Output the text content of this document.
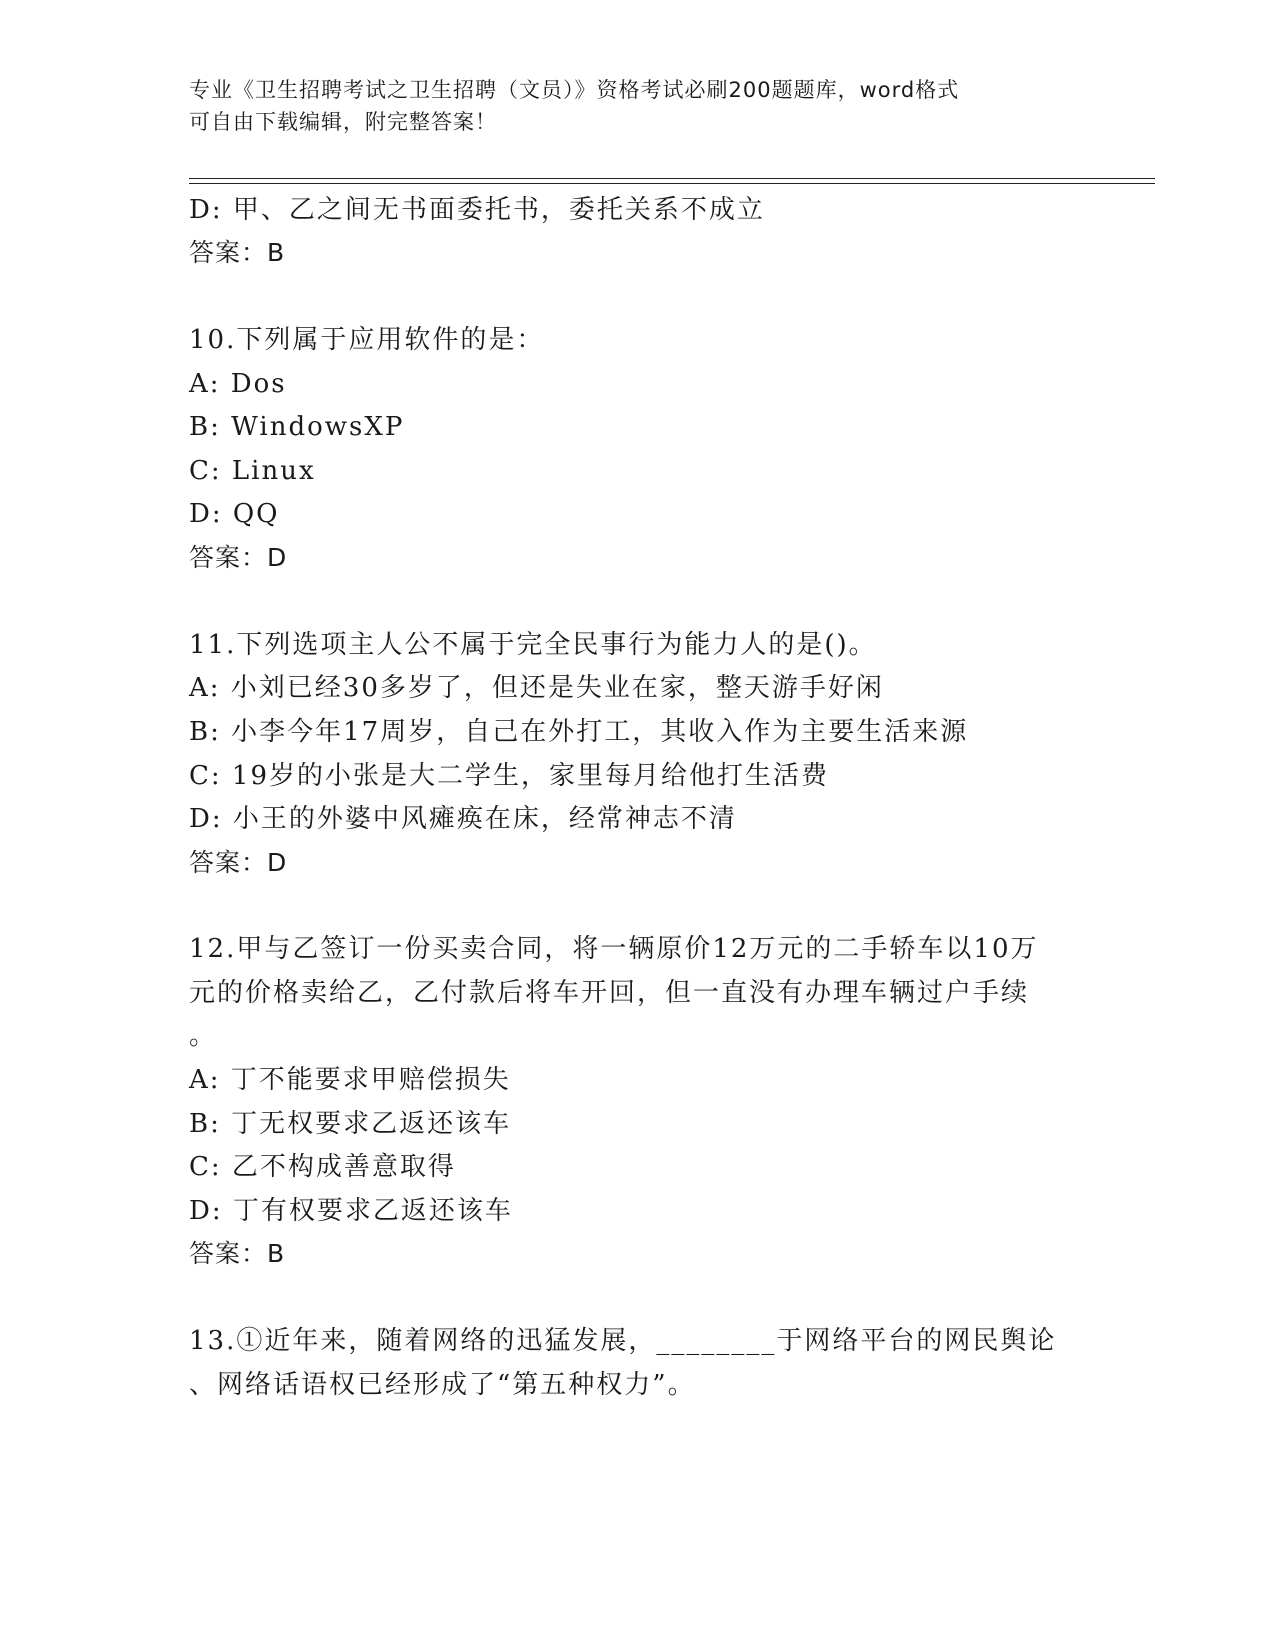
专业《卫生招聘考试之卫生招聘（文员）》资格考试必刷200题题库，word格式
可自由下载编辑，附完整答案！
D: 甲、乙之间无书面委托书，委托关系不成立
答案：B
10.下列属于应用软件的是：
A: Dos
B: WindowsXP
C: Linux
D: QQ
答案：D
11.下列选项主人公不属于完全民事行为能力人的是()。
A: 小刘已经30多岁了，但还是失业在家，整天游手好闲
B: 小李今年17周岁，自己在外打工，其收入作为主要生活来源
C: 19岁的小张是大二学生，家里每月给他打生活费
D: 小王的外婆中风瘫痪在床，经常神志不清
答案：D
12.甲与乙签订一份买卖合同，将一辆原价12万元的二手轿车以10万
元的价格卖给乙，乙付款后将车开回，但一直没有办理车辆过户手续
。
A: 丁不能要求甲赔偿损失
B: 丁无权要求乙返还该车
C: 乙不构成善意取得
D: 丁有权要求乙返还该车
答案：B
13.①近年来，随着网络的迅猛发展，________于网络平台的网民舆论
、网络话语权已经形成了“第五种权力”。
